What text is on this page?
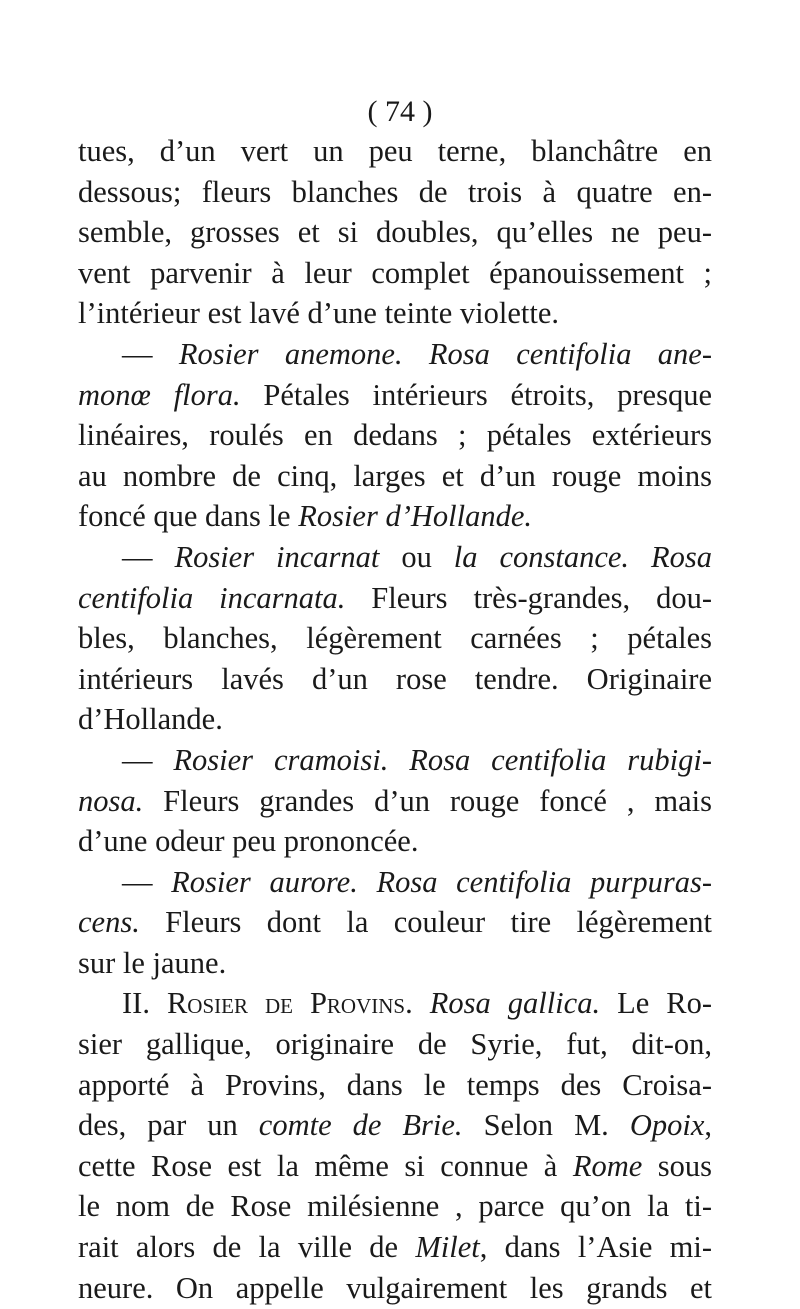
( 74 )
tues, d’un vert un peu terne, blanchâtre en
dessous; fleurs blanches de trois à quatre en-
semble, grosses et si doubles, qu’elles ne peu-
vent parvenir à leur complet épanouissement ;
l’intérieur est lavé d’une teinte violette.
— Rosier anemone. Rosa centifolia ane-
monœ flora. Pétales intérieurs étroits, presque
linéaires, roulés en dedans ; pétales extérieurs
au nombre de cinq, larges et d’un rouge moins
foncé que dans le Rosier d’Hollande.
— Rosier incarnat ou la constance. Rosa
centifolia incarnata. Fleurs très-grandes, dou-
bles, blanches, légèrement carnées ; pétales
intérieurs lavés d’un rose tendre. Originaire
d’Hollande.
— Rosier cramoisi. Rosa centifolia rubigi-
nosa. Fleurs grandes d’un rouge foncé , mais
d’une odeur peu prononcée.
— Rosier aurore. Rosa centifolia purpuras-
cens. Fleurs dont la couleur tire légèrement
sur le jaune.
II. Rosier de Provins. Rosa gallica. Le Ro-
sier gallique, originaire de Syrie, fut, dit-on,
apporté à Provins, dans le temps des Croisa-
des, par un comte de Brie. Selon M. Opoix,
cette Rose est la même si connue à Rome sous
le nom de Rose milésienne , parce qu’on la ti-
rait alors de la ville de Milet, dans l’Asie mi-
neure. On appelle vulgairement les grands et
